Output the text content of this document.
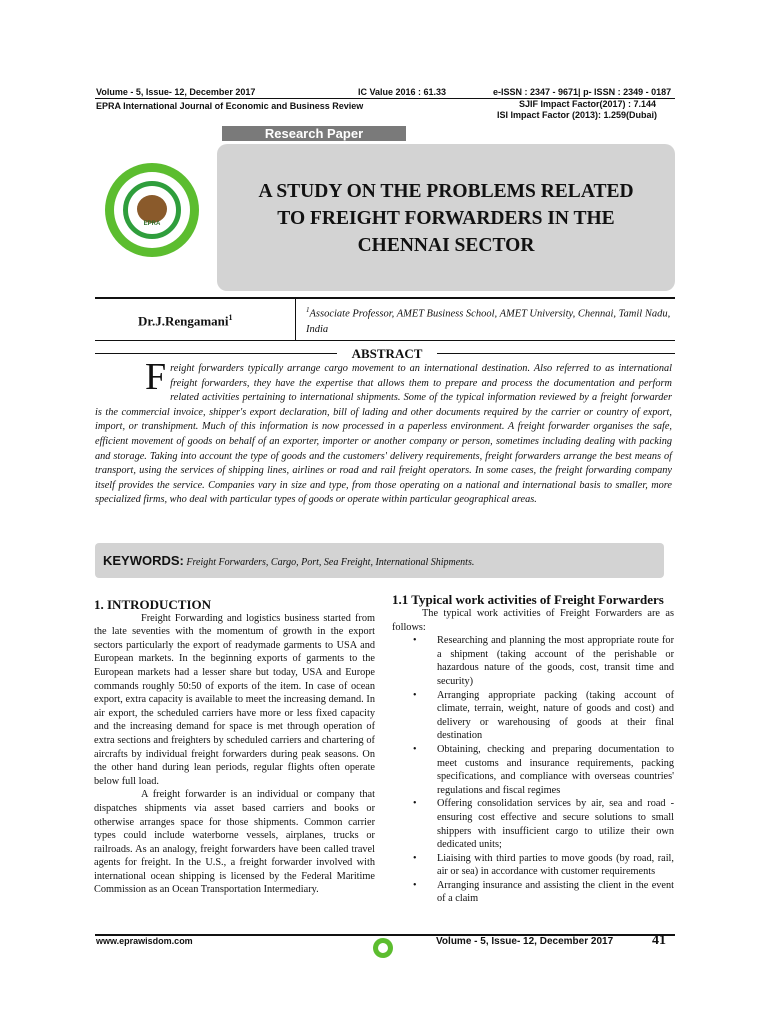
Volume - 5, Issue- 12, December 2017	IC Value 2016 : 61.33	e-ISSN : 2347 - 9671| p- ISSN : 2349 - 0187
EPRA International Journal of Economic and Business Review	SJIF Impact Factor(2017) : 7.144
ISI Impact Factor (2013): 1.259(Dubai)
Research Paper
A STUDY ON THE PROBLEMS RELATED
TO FREIGHT FORWARDERS IN THE
CHENNAI SECTOR
EPRA
Dr.J.Rengamani$^1$
$^1$Associate Professor, AMET Business School, AMET University, Chennai, Tamil Nadu, India
ABSTRACT
Freight forwarders typically arrange cargo movement to an international destination. Also referred to as international freight forwarders, they have the expertise that allows them to prepare and process the documentation and perform related activities pertaining to international shipments. Some of the typical information reviewed by a freight forwarder is the commercial invoice, shipper's export declaration, bill of lading and other documents required by the carrier or country of export, import, or transhipment. Much of this information is now processed in a paperless environment. A freight forwarder organises the safe, efficient movement of goods on behalf of an exporter, importer or another company or person, sometimes including dealing with packing and storage. Taking into account the type of goods and the customers' delivery requirements, freight forwarders arrange the best means of transport, using the services of shipping lines, airlines or road and rail freight operators. In some cases, the freight forwarding company itself provides the service. Companies vary in size and type, from those operating on a national and international basis to smaller, more specialized firms, who deal with particular types of goods or operate within particular geographical areas.
KEYWORDS: Freight Forwarders, Cargo, Port, Sea Freight, International Shipments.
1. INTRODUCTION

Freight Forwarding and logistics business started from the late seventies with the momentum of growth in the export sectors particularly the export of readymade garments to USA and European markets. In the beginning exports of garments to the European markets had a lesser share but today, USA and Europe commands roughly 50:50 of exports of the item. In case of ocean export, extra capacity is available to meet the increasing demand. In air export, the scheduled carriers have more or less fixed capacity and the increasing demand for space is met through operation of extra sections and freighters by scheduled carriers and chartering of aircrafts by individual freight forwarders during peak seasons. On the other hand during lean periods, regular flights often operate below full load.

A freight forwarder is an individual or company that dispatches shipments via asset based carriers and books or otherwise arranges space for those shipments. Common carrier types could include waterborne vessels, airplanes, trucks or railroads. As an analogy, freight forwarders have been called travel agents for freight. In the U.S., a freight forwarder involved with international ocean shipping is licensed by the Federal Maritime Commission as an Ocean Transportation Intermediary.

1.1 Typical work activities of Freight Forwarders

The typical work activities of Freight Forwarders are as follows:

• Researching and planning the most appropriate route for a shipment (taking account of the perishable or hazardous nature of the goods, cost, transit time and security)
• Arranging appropriate packing (taking account of climate, terrain, weight, nature of goods and cost) and delivery or warehousing of goods at their final destination
• Obtaining, checking and preparing documentation to meet customs and insurance requirements, packing specifications, and compliance with overseas countries' regulations and fiscal regimes
• Offering consolidation services by air, sea and road - ensuring cost effective and secure solutions to small shippers with insufficient cargo to utilize their own dedicated units;
• Liaising with third parties to move goods (by road, rail, air or sea) in accordance with customer requirements
• Arranging insurance and assisting the client in the event of a claim
www.eprawisdom.com	Volume - 5, Issue- 12, December 2017	41
